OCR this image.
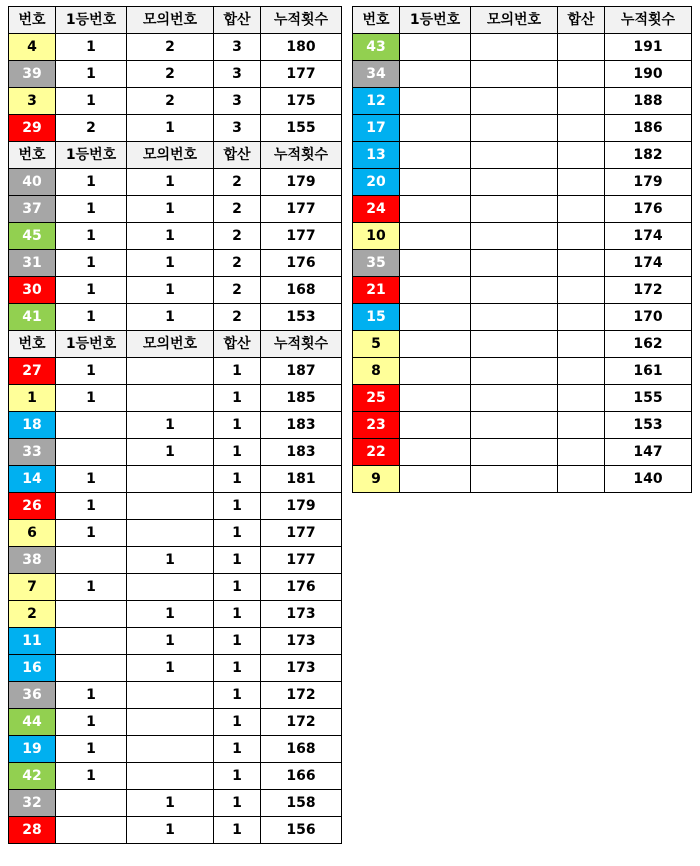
번호	1등번호	모의번호	합산	누적횟수
4	1	2	3	180
39	1	2	3	177
3	1	2	3	175
29	2	1	3	155
번호	1등번호	모의번호	합산	누적횟수
40	1	1	2	179
37	1	1	2	177
45	1	1	2	177
31	1	1	2	176
30	1	1	2	168
41	1	1	2	153
번호	1등번호	모의번호	합산	누적횟수
27	1		1	187
1	1		1	185
18		1	1	183
33		1	1	183
14	1		1	181
26	1		1	179
6	1		1	177
38		1	1	177
7	1		1	176
2		1	1	173
11		1	1	173
16		1	1	173
36	1		1	172
44	1		1	172
19	1		1	168
42	1		1	166
32		1	1	158
28		1	1	156
번호	1등번호	모의번호	합산	누적횟수
43				191
34				190
12				188
17				186
13				182
20				179
24				176
10				174
35				174
21				172
15				170
5				162
8				161
25				155
23				153
22				147
9				140
